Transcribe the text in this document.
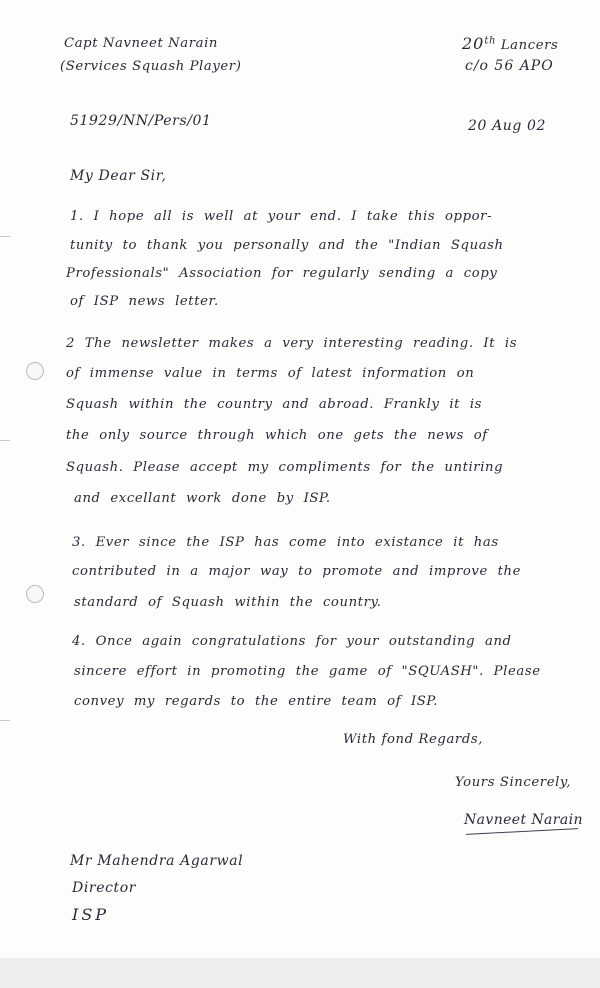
Capt Navneet Narain
(Services Squash Player)
20th Lancers
c/o 56 APO
51929/NN/Pers/01	20 Aug 02
My Dear Sir,
1. I hope all is well at your end. I take this oppor-
tunity to thank you personally and the "Indian Squash
Professionals" Association for regularly sending a copy
of ISP news letter.
2 The newsletter makes a very interesting reading. It is
of immense value in terms of latest information on
Squash within the country and abroad. Frankly it is
the only source through which one gets the news of
Squash. Please accept my compliments for the untiring
and excellant work done by ISP.
3. Ever since the ISP has come into existance it has
contributed in a major way to promote and improve the
standard of Squash within the country.
4. Once again congratulations for your outstanding and
sincere effort in promoting the game of "SQUASH". Please
convey my regards to the entire team of ISP.
With fond Regards,
Yours Sincerely,
Navneet Narain
Mr Mahendra Agarwal
Director
ISP
